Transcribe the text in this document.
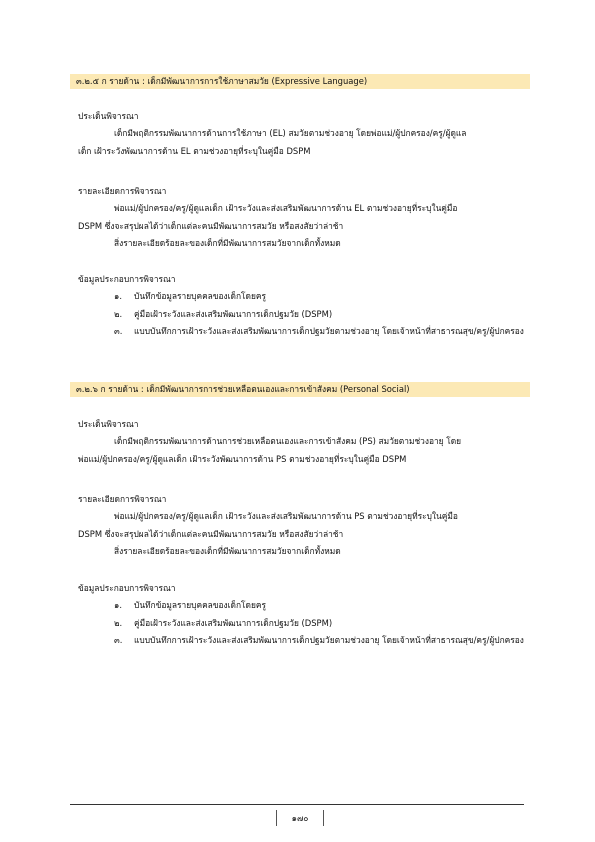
๓.๒.๕ ก รายด้าน : เด็กมีพัฒนาการการใช้ภาษาสมวัย (Expressive Language)
ประเด็นพิจารณา
เด็กมีพฤติกรรมพัฒนาการด้านการใช้ภาษา (EL) สมวัยตามช่วงอายุ โดยพ่อแม่/ผู้ปกครอง/ครู/ผู้ดูแล
เด็ก เฝ้าระวังพัฒนาการด้าน EL ตามช่วงอายุที่ระบุในคู่มือ DSPM
รายละเอียดการพิจารณา
พ่อแม่/ผู้ปกครอง/ครู/ผู้ดูแลเด็ก เฝ้าระวังและส่งเสริมพัฒนาการด้าน EL ตามช่วงอายุที่ระบุในคู่มือ
DSPM ซึ่งจะสรุปผลได้ว่าเด็กแต่ละคนมีพัฒนาการสมวัย หรือสงสัยว่าล่าช้า
สิ่งรายละเอียดร้อยละของเด็กที่มีพัฒนาการสมวัยจากเด็กทั้งหมด
ข้อมูลประกอบการพิจารณา
๑. บันทึกข้อมูลรายบุคคลของเด็กโดยครู
๒. คู่มือเฝ้าระวังและส่งเสริมพัฒนาการเด็กปฐมวัย (DSPM)
๓. แบบบันทึกการเฝ้าระวังและส่งเสริมพัฒนาการเด็กปฐมวัยตามช่วงอายุ โดยเจ้าหน้าที่สาธารณสุข/ครู/ผู้ปกครอง
๓.๒.๖ ก รายด้าน : เด็กมีพัฒนาการการช่วยเหลือตนเองและการเข้าสังคม (Personal Social)
ประเด็นพิจารณา
เด็กมีพฤติกรรมพัฒนาการด้านการช่วยเหลือตนเองและการเข้าสังคม (PS) สมวัยตามช่วงอายุ โดย
พ่อแม่/ผู้ปกครอง/ครู/ผู้ดูแลเด็ก เฝ้าระวังพัฒนาการด้าน PS ตามช่วงอายุที่ระบุในคู่มือ DSPM
รายละเอียดการพิจารณา
พ่อแม่/ผู้ปกครอง/ครู/ผู้ดูแลเด็ก เฝ้าระวังและส่งเสริมพัฒนาการด้าน PS ตามช่วงอายุที่ระบุในคู่มือ
DSPM ซึ่งจะสรุปผลได้ว่าเด็กแต่ละคนมีพัฒนาการสมวัย หรือสงสัยว่าล่าช้า
สิ่งรายละเอียดร้อยละของเด็กที่มีพัฒนาการสมวัยจากเด็กทั้งหมด
ข้อมูลประกอบการพิจารณา
๑. บันทึกข้อมูลรายบุคคลของเด็กโดยครู
๒. คู่มือเฝ้าระวังและส่งเสริมพัฒนาการเด็กปฐมวัย (DSPM)
๓. แบบบันทึกการเฝ้าระวังและส่งเสริมพัฒนาการเด็กปฐมวัยตามช่วงอายุ โดยเจ้าหน้าที่สาธารณสุข/ครู/ผู้ปกครอง
๑๗๐
